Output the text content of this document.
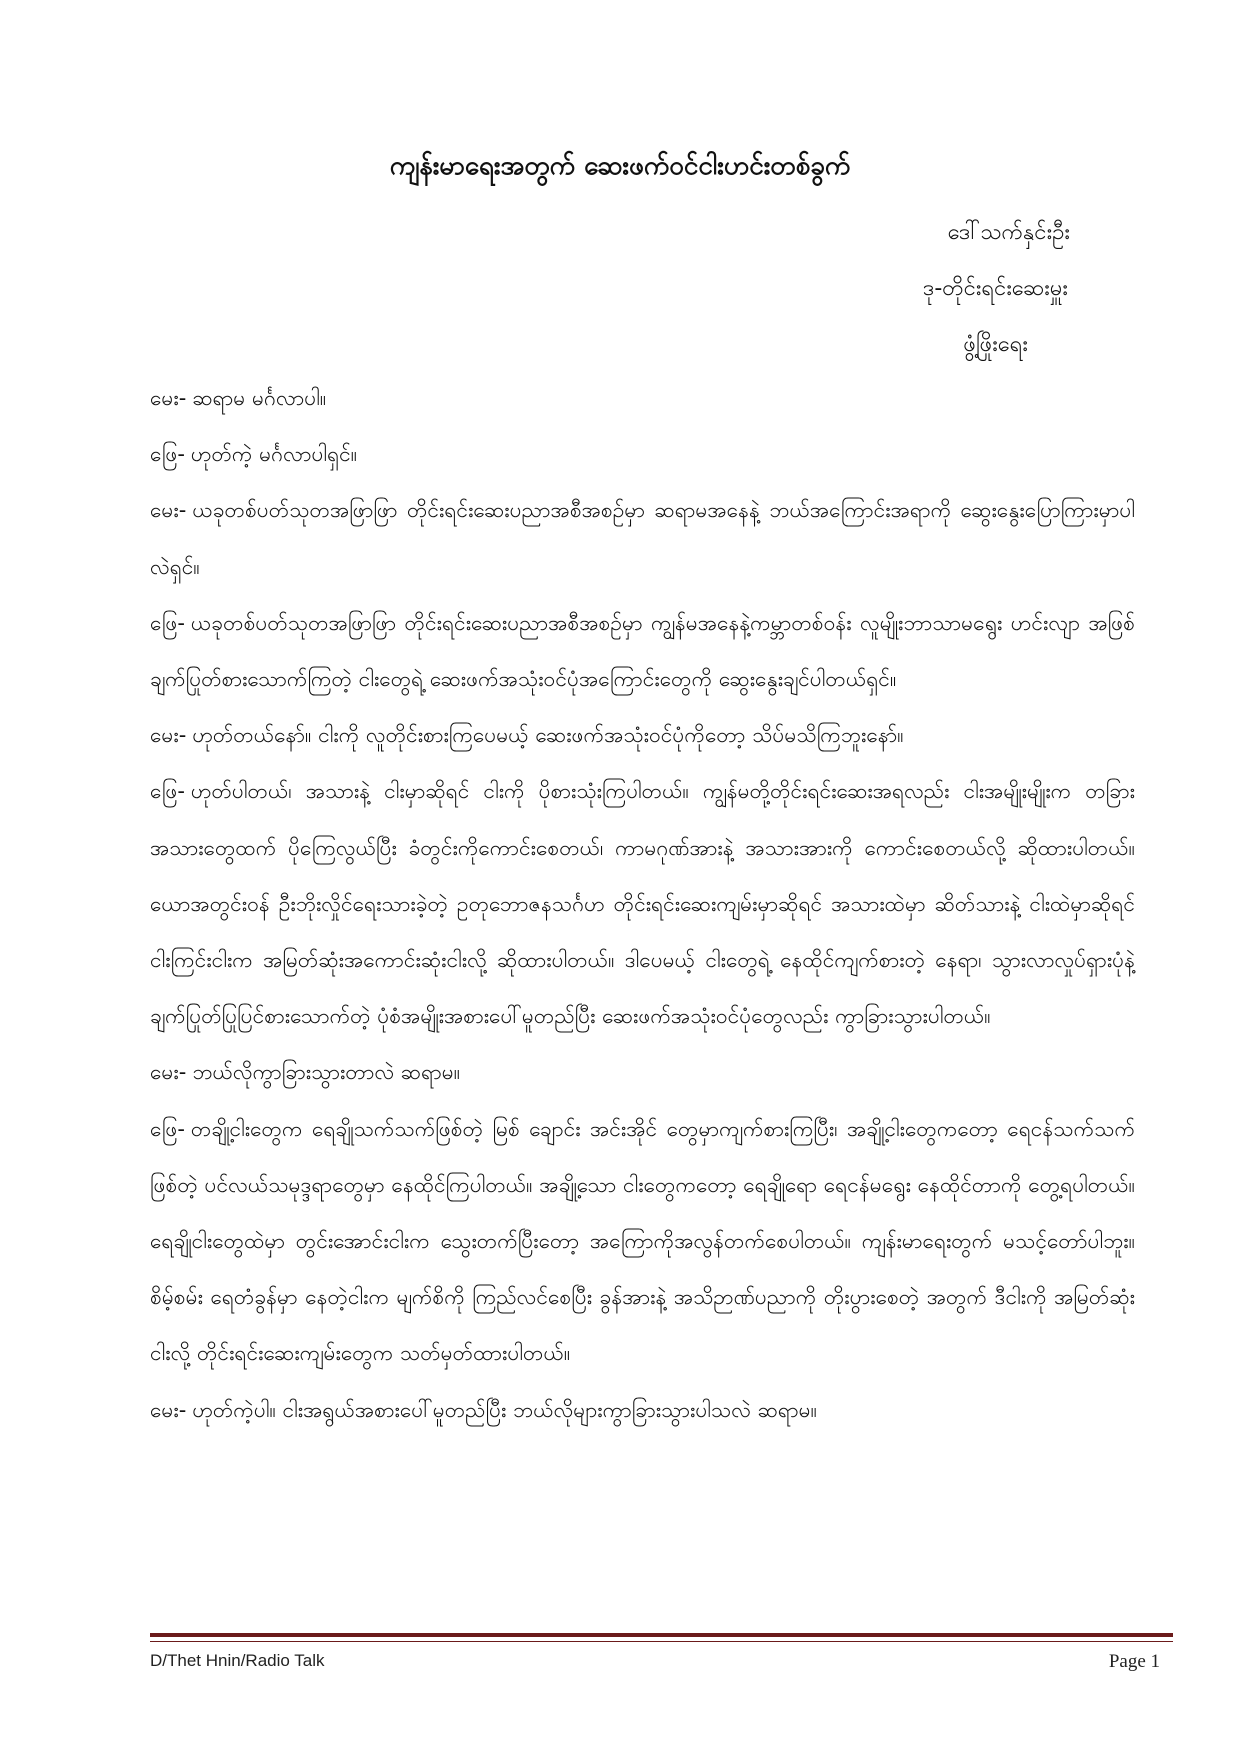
ကျန်းမာရေးအတွက် ဆေးဖက်ဝင်ငါးဟင်းတစ်ခွက်
ဒေါ်သက်နှင်းဦး
ဒု-တိုင်းရင်းဆေးမှူး
ဖွံ့ဖြိုးရေး

မေး- ဆရာမ မင်္ဂလာပါ။

ဖြေ- ဟုတ်ကဲ့ မင်္ဂလာပါရှင်။

မေး- ယခုတစ်ပတ်သုတအဖြာဖြာ တိုင်းရင်းဆေးပညာအစီအစဉ်မှာ ဆရာမအနေနဲ့ ဘယ်အကြောင်းအရာကို ဆွေးနွေးပြောကြားမှာပါလဲရှင်။

ဖြေ- ယခုတစ်ပတ်သုတအဖြာဖြာ တိုင်းရင်းဆေးပညာအစီအစဉ်မှာ ကျွန်မအနေနဲ့ကမ္ဘာတစ်ဝန်း လူမျိုးဘာသာမရွေး ဟင်းလျာ အဖြစ်ချက်ပြုတ်စားသောက်ကြတဲ့ ငါးတွေရဲ့ ဆေးဖက်အသုံးဝင်ပုံအကြောင်းတွေကို ဆွေးနွေးချင်ပါတယ်ရှင်။

မေး- ဟုတ်တယ်နော်။ ငါးကို လူတိုင်းစားကြပေမယ့် ဆေးဖက်အသုံးဝင်ပုံကိုတော့ သိပ်မသိကြဘူးနော်။

ဖြေ- ဟုတ်ပါတယ်၊ အသားနဲ့ ငါးမှာဆိုရင် ငါးကို ပိုစားသုံးကြပါတယ်။ ကျွန်မတို့တိုင်းရင်းဆေးအရလည်း ငါးအမျိုးမျိုးက တခြားအသားတွေထက် ပိုကြေလွယ်ပြီး ခံတွင်းကိုကောင်းစေတယ်၊ ကာမဂုဏ်အားနဲ့ အသားအားကို ကောင်းစေတယ်လို့ ဆိုထားပါတယ်။ ယောအတွင်းဝန် ဦးဘိုးလှိုင်ရေးသားခဲ့တဲ့ ဥတုဘောဇနသင်္ဂဟ တိုင်းရင်းဆေးကျမ်းမှာဆိုရင် အသားထဲမှာ ဆိတ်သားနဲ့ ငါးထဲမှာဆိုရင် ငါးကြင်းငါးက အမြတ်ဆုံးအကောင်းဆုံးငါးလို့ ဆိုထားပါတယ်။ ဒါပေမယ့် ငါးတွေရဲ့ နေထိုင်ကျက်စားတဲ့ နေရာ၊ သွားလာလှုပ်ရှားပုံနဲ့ ချက်ပြုတ်ပြုပြင်စားသောက်တဲ့ ပုံစံအမျိုးအစားပေါ်မူတည်ပြီး ဆေးဖက်အသုံးဝင်ပုံတွေလည်း ကွာခြားသွားပါတယ်။

မေး- ဘယ်လိုကွာခြားသွားတာလဲ ဆရာမ။

ဖြေ- တချို့ငါးတွေက ရေချိုသက်သက်ဖြစ်တဲ့ မြစ် ချောင်း အင်းအိုင် တွေမှာကျက်စားကြပြီး၊ အချို့ငါးတွေကတော့ ရေငန်သက်သက်ဖြစ်တဲ့ ပင်လယ်သမုဒ္ဒရာတွေမှာ နေထိုင်ကြပါတယ်။ အချို့သော ငါးတွေကတော့ ရေချိုရော ရေငန်မရွေး နေထိုင်တာကို တွေ့ရပါတယ်။ ရေချိုငါးတွေထဲမှာ တွင်းအောင်းငါးက သွေးတက်ပြီးတော့ အကြောကိုအလွန်တက်စေပါတယ်။ ကျန်းမာရေးတွက် မသင့်တော်ပါဘူး။ စိမ့်စမ်း ရေတံခွန်မှာ နေတဲ့ငါးက မျက်စိကို ကြည်လင်စေပြီး ခွန်အားနဲ့ အသိဉာဏ်ပညာကို တိုးပွားစေတဲ့ အတွက် ဒီငါးကို အမြတ်ဆုံးငါးလို့ တိုင်းရင်းဆေးကျမ်းတွေက သတ်မှတ်ထားပါတယ်။

မေး- ဟုတ်ကဲ့ပါ။ ငါးအရွယ်အစားပေါ်မူတည်ပြီး ဘယ်လိုများကွာခြားသွားပါသလဲ ဆရာမ။

D/Thet Hnin/Radio Talk	Page 1
